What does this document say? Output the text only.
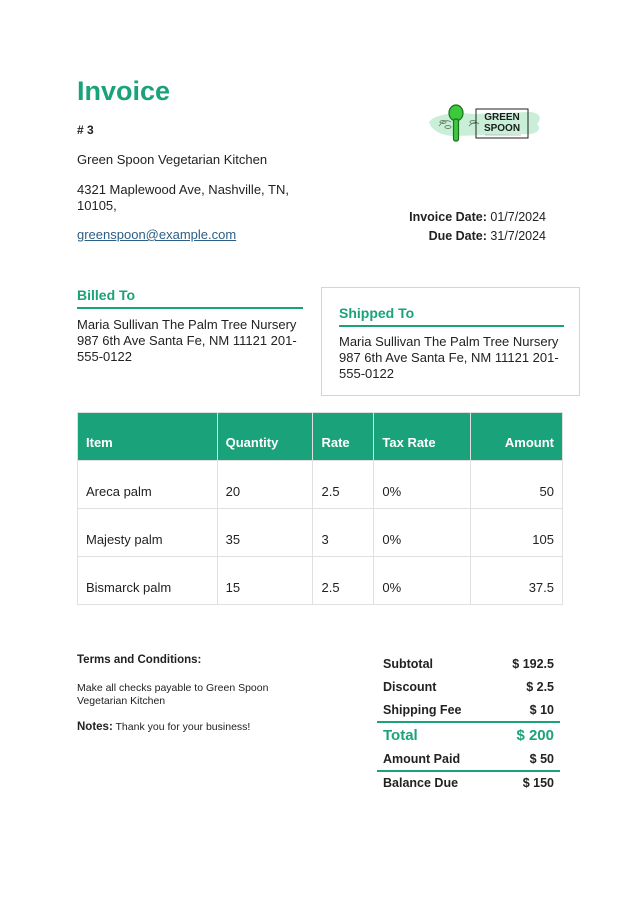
Invoice
# 3
Green Spoon Vegetarian Kitchen
4321 Maplewood Ave, Nashville, TN, 10105,
greenspoon@example.com
GREEN
SPOON
Invoice Date: 01/7/2024
Due Date: 31/7/2024
Billed To
Maria Sullivan The Palm Tree Nursery 987 6th Ave Santa Fe, NM 11121 201-555-0122
Shipped To
Maria Sullivan The Palm Tree Nursery 987 6th Ave Santa Fe, NM 11121 201-555-0122
Item	Quantity	Rate	Tax Rate	Amount
Areca palm	20	2.5	0%	50
Majesty palm	35	3	0%	105
Bismarck palm	15	2.5	0%	37.5
Terms and Conditions:
Make all checks payable to Green Spoon Vegetarian Kitchen
Notes: Thank you for your business!
Subtotal	$ 192.5
Discount	$ 2.5
Shipping Fee	$ 10
Total	$ 200
Amount Paid	$ 50
Balance Due	$ 150
